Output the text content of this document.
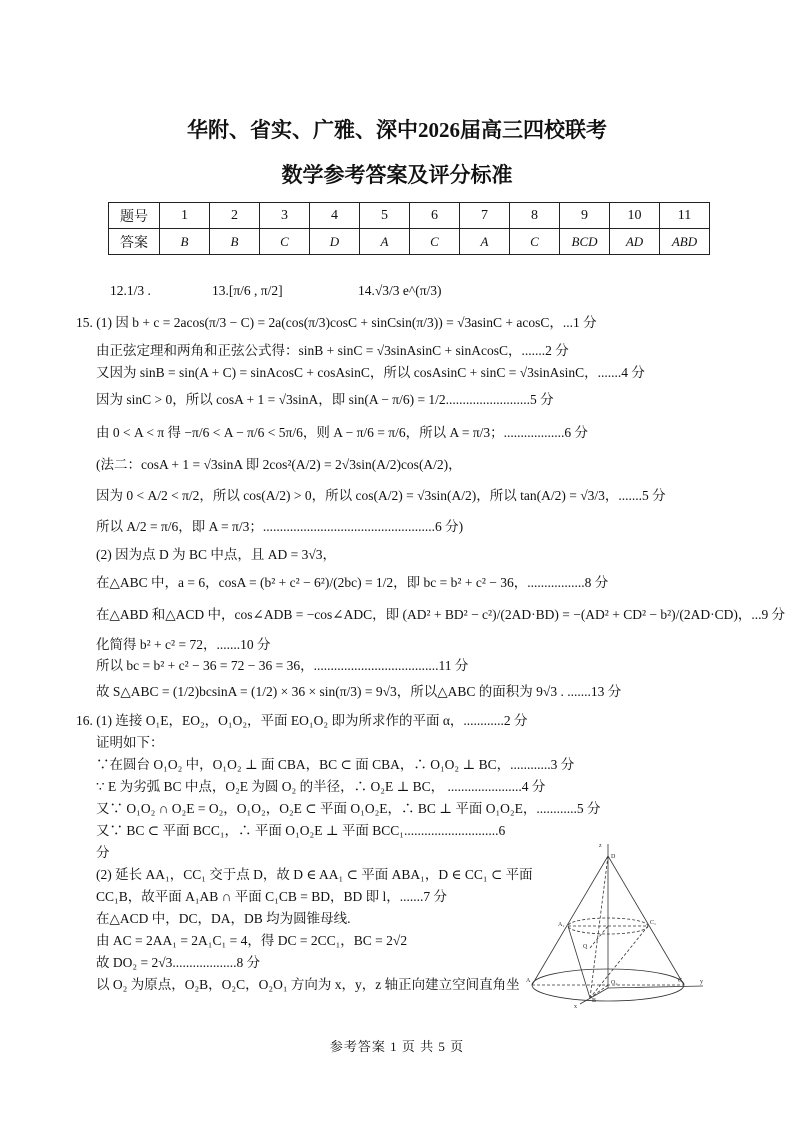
华附、省实、广雅、深中2026届高三四校联考
数学参考答案及评分标准
题号	1	2	3	4	5	6	7	8	9	10	11
答案	B	B	C	D	A	C	A	C	BCD	AD	ABD
12.1/3 .	13.[π/6 , π/2]	14.√3/3 e^(π/3)
15. (1) 因 b + c = 2acos(π/3 − C) = 2a(cos(π/3)cosC + sinCsin(π/3)) = √3asinC + acosC，...1 分
由正弦定理和两角和正弦公式得：sinB + sinC = √3sinAsinC + sinAcosC，.......2 分
又因为 sinB = sin(A + C) = sinAcosC + cosAsinC，所以 cosAsinC + sinC = √3sinAsinC，.......4 分
因为 sinC > 0，所以 cosA + 1 = √3sinA，即 sin(A − π/6) = 1/2.........................5 分
由 0 < A < π 得 −π/6 < A − π/6 < 5π/6，则 A − π/6 = π/6，所以 A = π/3；..................6 分
(法二：cosA + 1 = √3sinA 即 2cos²(A/2) = 2√3sin(A/2)cos(A/2)，
因为 0 < A/2 < π/2，所以 cos(A/2) > 0，所以 cos(A/2) = √3sin(A/2)，所以 tan(A/2) = √3/3，.......5 分
所以 A/2 = π/6，即 A = π/3；...................................................6 分)
(2) 因为点 D 为 BC 中点，且 AD = 3√3，
在△ABC 中，a = 6，cosA = (b² + c² − 6²)/(2bc) = 1/2，即 bc = b² + c² − 36，.................8 分
在△ABD 和△ACD 中，cos∠ADB = −cos∠ADC，即 (AD² + BD² − c²)/(2AD·BD) = −(AD² + CD² − b²)/(2AD·CD)，...9 分
化简得 b² + c² = 72，.......10 分
所以 bc = b² + c² − 36 = 72 − 36 = 36，.....................................11 分
故 S△ABC = (1/2)bcsinA = (1/2) × 36 × sin(π/3) = 9√3，所以△ABC 的面积为 9√3 . .......13 分
16. (1) 连接 O₁E，EO₂，O₁O₂，平面 EO₁O₂ 即为所求作的平面 α，............2 分
证明如下：
∵在圆台 O₁O₂ 中，O₁O₂ ⊥ 面 CBA，BC ⊂ 面 CBA，∴ O₁O₂ ⊥ BC，............3 分
∵ E 为劣弧 BC 中点，O₂E 为圆 O₂ 的半径，∴ O₂E ⊥ BC， ......................4 分
又∵ O₁O₂ ∩ O₂E = O₂，O₁O₂，O₂E ⊂ 平面 O₁O₂E，∴ BC ⊥ 平面 O₁O₂E，............5 分
又∵ BC ⊂ 平面 BCC₁，∴ 平面 O₁O₂E ⊥ 平面 BCC₁............................6
分
(2) 延长 AA₁，CC₁ 交于点 D，故 D ∈ AA₁ ⊂ 平面 ABA₁，D ∈ CC₁ ⊂ 平面
CC₁B，故平面 A₁AB ∩ 平面 C₁CB = BD，BD 即 l，.......7 分
在△ACD 中，DC，DA，DB 均为圆锥母线.
由 AC = 2AA₁ = 2A₁C₁ = 4，得 DC = 2CC₁，BC = 2√2
故 DO₂ = 2√3...................8 分
以 O₂ 为原点，O₂B，O₂C，O₂O₁ 方向为 x，y，z 轴正向建立空间直角坐
z
D
A₁	C₁
Q
A	O₂	C	y
x
B
参考答案 1 页 共 5 页
